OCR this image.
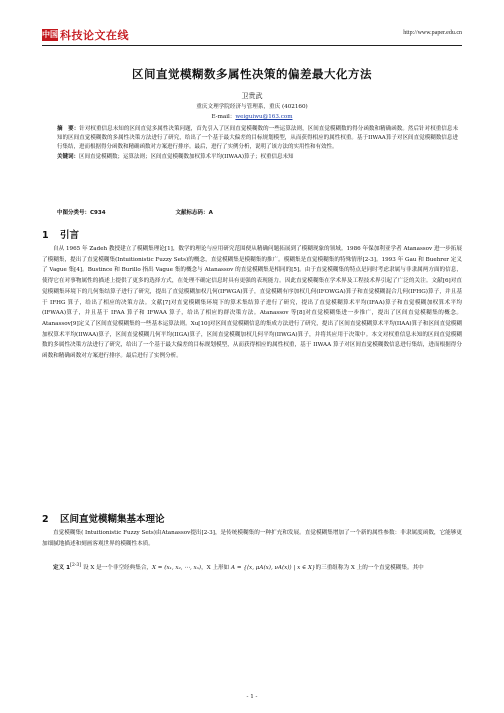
中国 科技论文在线	http://www.paper.edu.cn
区间直觉模糊数多属性决策的偏差最大化方法
卫贵武
重庆文理学院经济与管理系，重庆 (402160)
E-mail：weiguiwu@163.com
摘　要：针对权重信息未知的区间直觉多属性决策问题，首先引入了区间直觉模糊数的一些运算法则，区间直觉模糊数的得分函数和精确函数。然后针对权重信息未知的区间直觉模糊数的多属性决策方法进行了研究，给出了一个基于最大偏差的目标规划模型，从而获得相应的属性权重。基于IIWAA算子对区间直觉模糊数信息进行集结，进而根据得分函数和精确函数对方案进行排序。最后，进行了实例分析，说明了该方法的实用性和有效性。
关键词：区间直觉模糊数；运算法则；区间直觉模糊数加权算术平均(IIWAA)算子；权重信息未知
中图分类号：C934	文献标志码：A
1 引言
自从 1965 年 Zadeh 教授建立了模糊集理论[1]，数学的理论与应用研究范围便从精确问题拓展到了模糊现象的领域。1986 年保加利亚学者 Atanassov 进一步拓展了模糊集，提出了直觉模糊集(Intuitionistic Fuzzy Sets)的概念，直觉模糊集是模糊集的推广。模糊集是直觉模糊集的特殊情形[2-3]。1993 年 Gau 和 Buehrer 定义了 Vague 集[4]。Bustince 和 Burillo 指出 Vague 集的概念与 Atanassov 的直觉模糊集是相同的[5]。由于直觉模糊集的特点是同时考虑隶属与非隶属两方面的信息，使得它在对事物属性的描述上提供了更多的选择方式，在处理不确定信息时具有更强的表现能力。因此直觉模糊集在学术界及工程技术界引起了广泛的关注。文献[6]对直觉模糊集环境下的几何集结算子进行了研究，提出了直觉模糊加权几何(IFWGA)算子，直觉模糊有序加权几何(IFOWGA)算子和直觉模糊混合几何(IFHG)算子，并且基于 IFHG 算子，给出了相应的决策方法。文献[7]对直觉模糊集环境下的算术集结算子进行了研究，提出了直觉模糊算术平均(IFAA)算子和直觉模糊加权算术平均(IFWAA)算子，并且基于 IFAA 算子和 IFWAA 算子，给出了相应的群决策方法。Atanassov 等[8]对直觉模糊集进一步推广，提出了区间直觉模糊集的概念。Atanassov[9]定义了区间直觉模糊集的一些基本运算法则。Xu[10]对区间直觉模糊信息的集成方法进行了研究，提出了区间直觉模糊算术平均(IIAA)算子和区间直觉模糊加权算术平均(IIWAA)算子，区间直觉模糊几何平均(IIGA)算子，区间直觉模糊加权几何平均(IIWGA)算子，并将其应用于决策中。本文对权重信息未知的区间直觉模糊数的多属性决策方法进行了研究，给出了一个基于最大偏差的目标规划模型，从而获得相应的属性权重，基于 IIWAA 算子对区间直觉模糊数信息进行集结，进而根据得分函数和精确函数对方案进行排序。最后进行了实例分析。
2 区间直觉模糊集基本理论
直觉模糊集( Intuitionistic Fuzzy Sets)由Atanassov提出[2-3]，是传统模糊集的一种扩充和发展。直觉模糊集增加了一个新的属性参数：非隶属度函数，它能够更加细腻地描述和刻画客观世界的模糊性本质。
定义 1[2-3] 设 X 是一个非空经典集合，X = (x₁, x₂, ⋯, xₙ)，X 上形如 A = {⟨x, μA(x), νA(x)⟩ | x ∈ X}的三重组称为 X 上的一个直觉模糊集。其中
- 1 -
